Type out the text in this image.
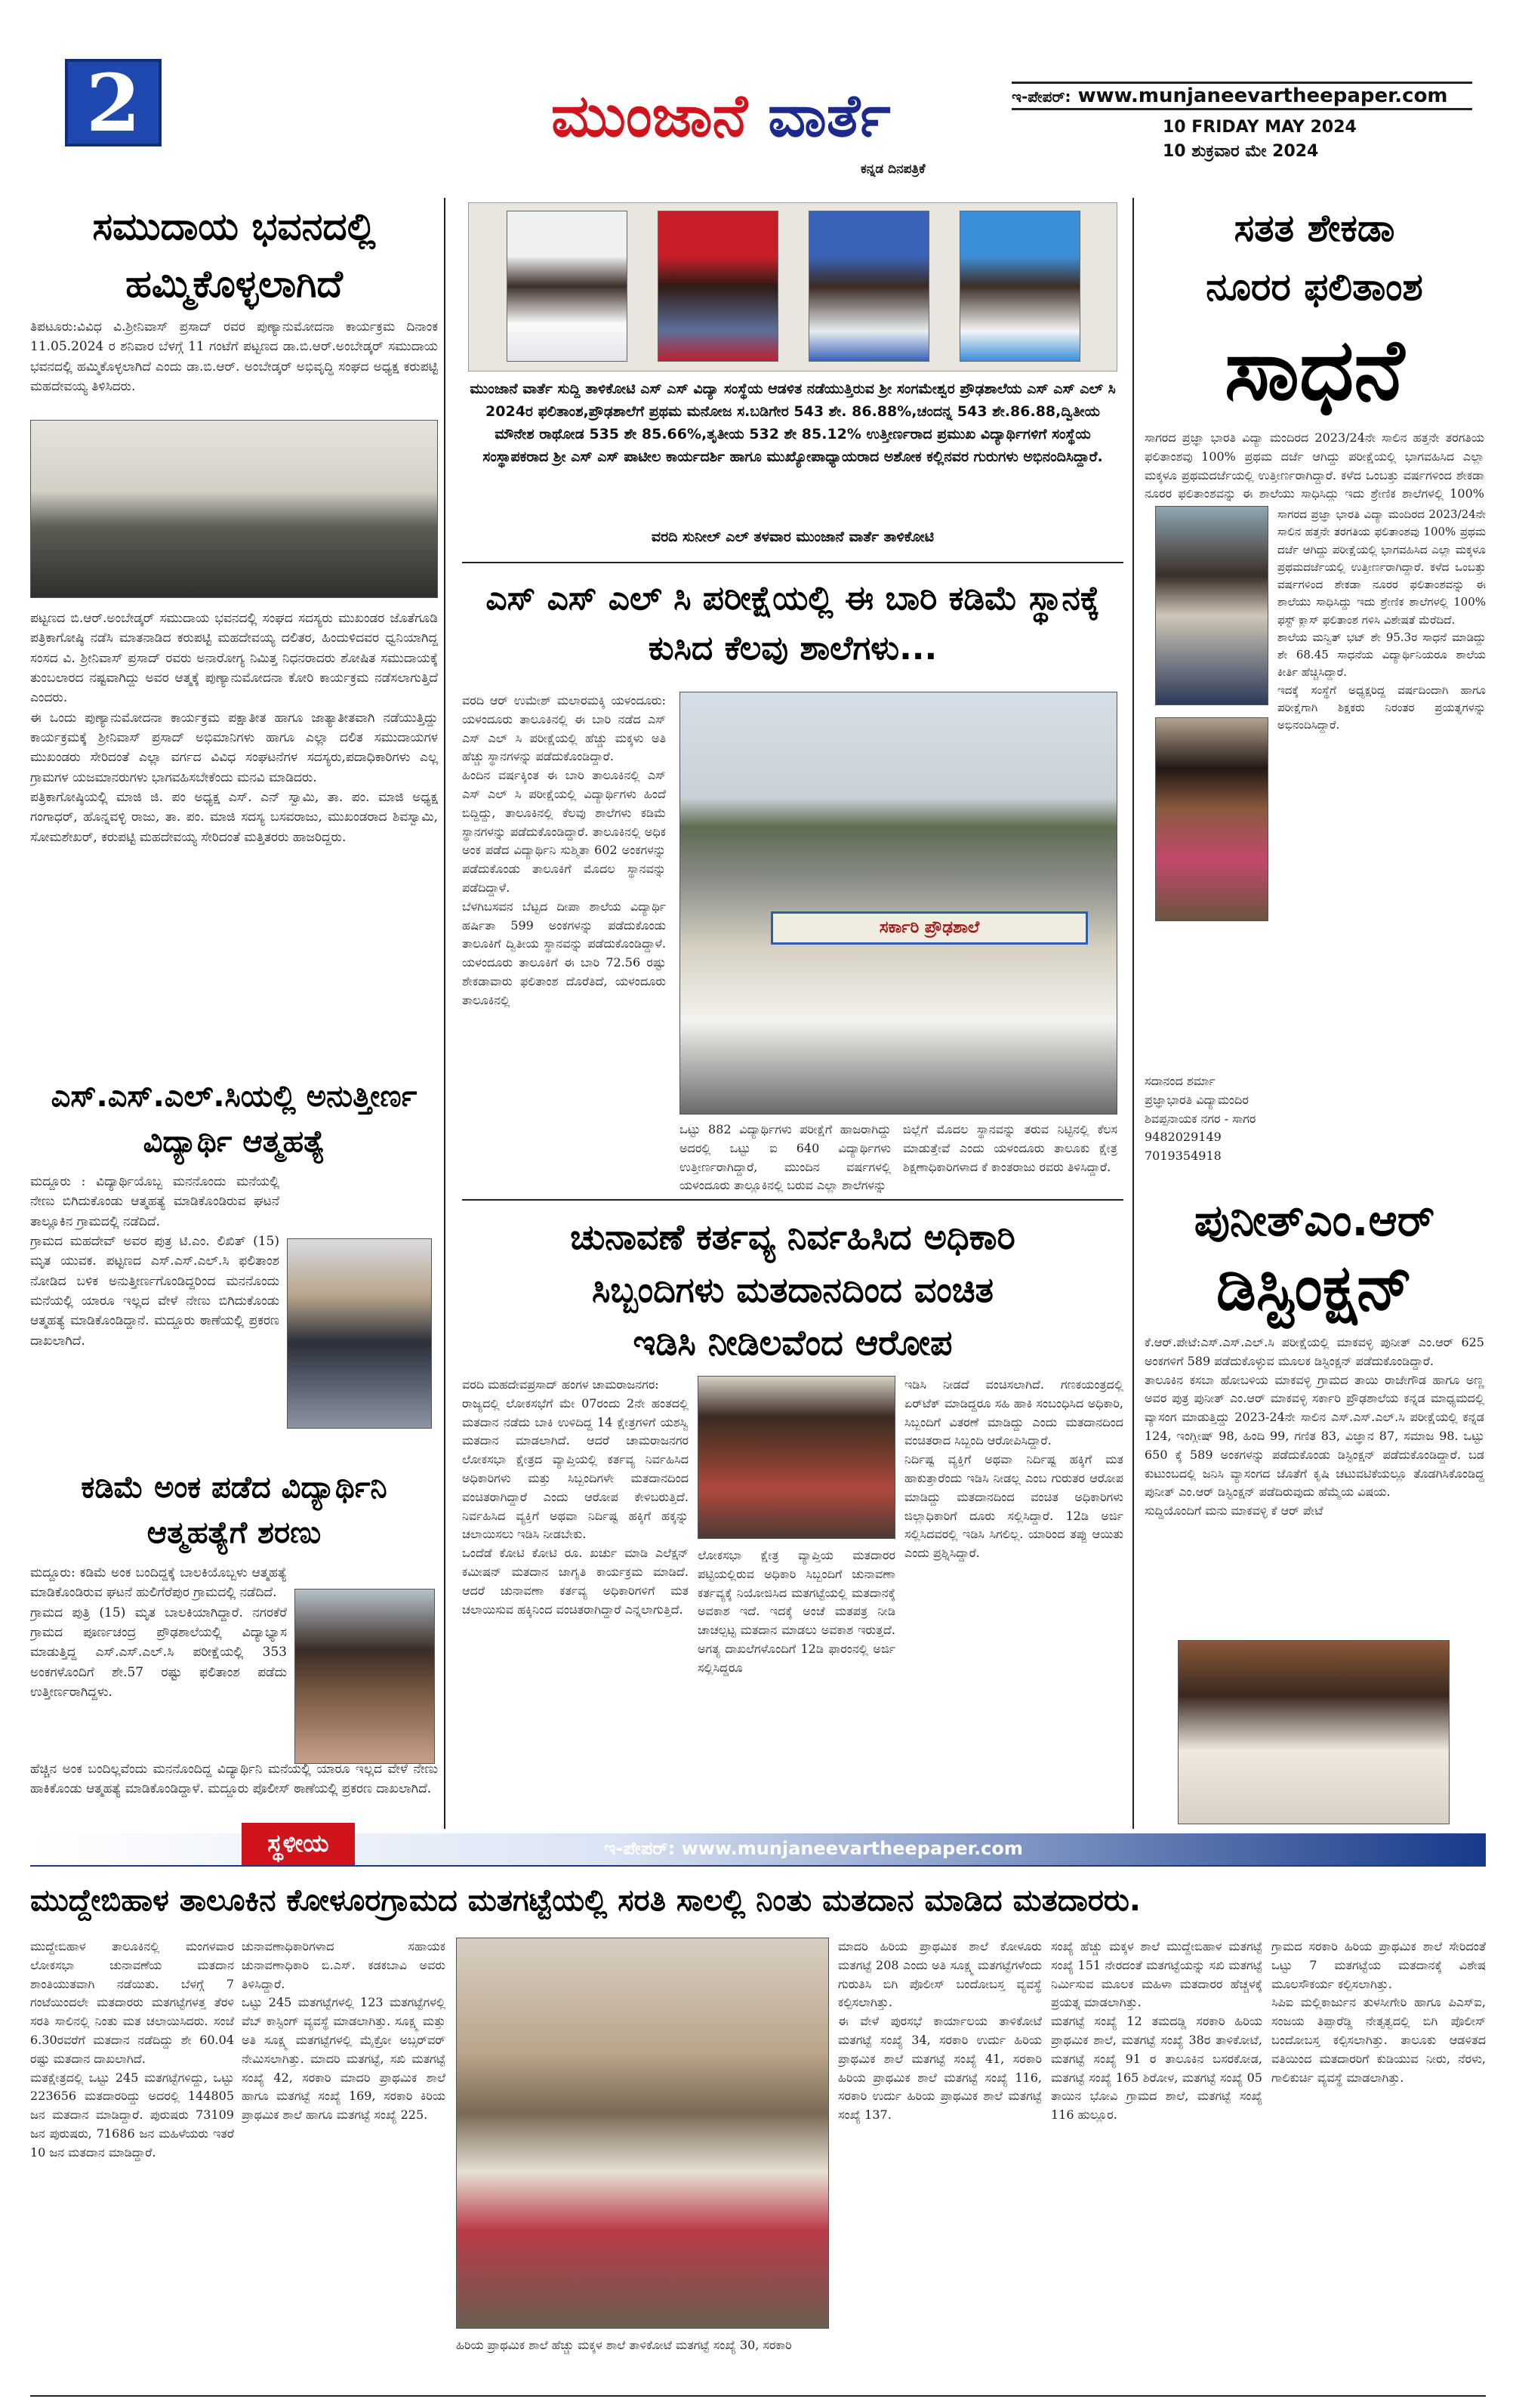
2	ಮುಂಜಾನೆ ವಾರ್ತೆ
ಕನ್ನಡ ದಿನಪತ್ರಿಕೆ
ಇ-ಪೇಪರ್: www.munjaneevartheepaper.com
10 FRIDAY MAY 2024
10 ಶುಕ್ರವಾರ ಮೇ 2024
ಸಮುದಾಯ ಭವನದಲ್ಲಿ ಹಮ್ಮಿಕೊಳ್ಳಲಾಗಿದೆ
ತಿಪಟೂರು:ವಿವಿಧ ವಿ.ಶ್ರೀನಿವಾಸ್ ಪ್ರಸಾದ್ ರವರ ಪುಣ್ಯಾನುಮೋದನಾ ಕಾರ್ಯಕ್ರಮ ದಿನಾಂಕ 11.05.2024 ರ ಶನಿವಾರ ಬೆಳಗ್ಗೆ 11 ಗಂಟೆಗೆ ಪಟ್ಟಣದ ಡಾ.ಬಿ.ಆರ್.ಅಂಬೇಡ್ಕರ್ ಸಮುದಾಯ ಭವನದಲ್ಲಿ ಹಮ್ಮಿಕೊಳ್ಳಲಾಗಿದೆ ಎಂದು ಡಾ.ಬಿ.ಆರ್. ಅಂಬೇಡ್ಕರ್ ಅಭಿವೃದ್ಧಿ ಸಂಘದ ಅಧ್ಯಕ್ಷ ಕರುಪಟ್ಟಿ ಮಹದೇವಯ್ಯ ತಿಳಿಸಿದರು.
ಪಟ್ಟಣದ ಬಿ.ಆರ್.ಅಂಬೇಡ್ಕರ್ ಸಮುದಾಯ ಭವನದಲ್ಲಿ ಸಂಘದ ಸದಸ್ಯರು ಮುಖಂಡರ ಜೊತೆಗೂಡಿ ಪತ್ರಿಕಾಗೋಷ್ಠಿ ನಡೆಸಿ ಮಾತನಾಡಿದ ಕರುಪಟ್ಟಿ ಮಹದೇವಯ್ಯ ದಲಿತರ, ಹಿಂದುಳಿದವರ ಧ್ವನಿಯಾಗಿದ್ದ ಸಂಸದ ವಿ. ಶ್ರೀನಿವಾಸ್ ಪ್ರಸಾದ್ ರವರು ಅನಾರೋಗ್ಯ ನಿಮಿತ್ತ ನಿಧನರಾದರು ಶೋಷಿತ ಸಮುದಾಯಕ್ಕೆ ತುಂಬಲಾರದ ನಷ್ಟವಾಗಿದ್ದು ಅವರ ಆತ್ಮಕ್ಕೆ ಪುಣ್ಯಾನುಮೋದನಾ ಕೋರಿ ಕಾರ್ಯಕ್ರಮ ನಡೆಸಲಾಗುತ್ತಿದೆ ಎಂದರು.
ಈ ಒಂದು ಪುಣ್ಯಾನುಮೋದನಾ ಕಾರ್ಯಕ್ರಮ ಪಕ್ಷಾತೀತ ಹಾಗೂ ಜಾತ್ಯಾತೀತವಾಗಿ ನಡೆಯುತ್ತಿದ್ದು ಕಾರ್ಯಕ್ರಮಕ್ಕೆ ಶ್ರೀನಿವಾಸ್ ಪ್ರಸಾದ್ ಅಭಿಮಾನಿಗಳು ಹಾಗೂ ಎಲ್ಲಾ ದಲಿತ ಸಮುದಾಯಗಳ ಮುಖಂಡರು ಸೇರಿದಂತೆ ಎಲ್ಲಾ ವರ್ಗದ ವಿವಿಧ ಸಂಘಟನೆಗಳ ಸದಸ್ಯರು,ಪದಾಧಿಕಾರಿಗಳು ಎಲ್ಲ ಗ್ರಾಮಗಳ ಯಜಮಾನರುಗಳು ಭಾಗವಹಿಸಬೇಕೆಂದು ಮನವಿ ಮಾಡಿದರು.
ಪತ್ರಿಕಾಗೋಷ್ಠಿಯಲ್ಲಿ ಮಾಜಿ ಜಿ. ಪಂ ಅಧ್ಯಕ್ಷ ಎಸ್. ಎನ್ ಸ್ವಾಮಿ, ತಾ. ಪಂ. ಮಾಜಿ ಅಧ್ಯಕ್ಷ ಗಂಗಾಧರ್, ಹೊನ್ನವಳ್ಳಿ ರಾಜು, ತಾ. ಪಂ. ಮಾಜಿ ಸದಸ್ಯ ಬಸವರಾಜು, ಮುಖಂಡರಾದ ಶಿವಸ್ವಾಮಿ, ಸೋಮಶೇಖರ್, ಕರುಪಟ್ಟಿ ಮಹದೇವಯ್ಯ ಸೇರಿದಂತೆ ಮತ್ತಿತರರು ಹಾಜರಿದ್ದರು.
ಎಸ್.ಎಸ್.ಎಲ್.ಸಿಯಲ್ಲಿ ಅನುತ್ತೀರ್ಣ ವಿದ್ಯಾರ್ಥಿ ಆತ್ಮಹತ್ಯೆ
ಮದ್ದೂರು : ವಿದ್ಯಾರ್ಥಿಯೊಬ್ಬ ಮನನೊಂದು ಮನೆಯಲ್ಲಿ ನೇಣು ಬಿಗಿದುಕೊಂಡು ಆತ್ಮಹತ್ಯೆ ಮಾಡಿಕೊಂಡಿರುವ ಘಟನೆ ತಾಲ್ಲೂಕಿನ ಗ್ರಾಮದಲ್ಲಿ ನಡೆದಿದೆ.
ಗ್ರಾಮದ ಮಹದೇವ್ ಅವರ ಪುತ್ರ ಟಿ.ಎಂ. ಲಿಖಿತ್ (15) ಮೃತ ಯುವಕ. ಪಟ್ಟಣದ ಎಸ್.ಎಸ್.ಎಲ್.ಸಿ ಫಲಿತಾಂಶ ನೋಡಿದ ಬಳಿಕ ಅನುತ್ತೀರ್ಣಗೊಂಡಿದ್ದರಿಂದ ಮನನೊಂದು ಮನೆಯಲ್ಲಿ ಯಾರೂ ಇಲ್ಲದ ವೇಳೆ ನೇಣು ಬಿಗಿದುಕೊಂಡು ಆತ್ಮಹತ್ಯೆ ಮಾಡಿಕೊಂಡಿದ್ದಾನೆ. ಮದ್ದೂರು ಠಾಣೆಯಲ್ಲಿ ಪ್ರಕರಣ ದಾಖಲಾಗಿದೆ.
ಕಡಿಮೆ ಅಂಕ ಪಡೆದ ವಿದ್ಯಾರ್ಥಿನಿ ಆತ್ಮಹತ್ಯೆಗೆ ಶರಣು
ಮದ್ದೂರು: ಕಡಿಮೆ ಅಂಕ ಬಂದಿದ್ದಕ್ಕೆ ಬಾಲಕಿಯೊಬ್ಬಳು ಆತ್ಮಹತ್ಯೆ ಮಾಡಿಕೊಂಡಿರುವ ಘಟನೆ ಹುಲಿಗೆರೆಪುರ ಗ್ರಾಮದಲ್ಲಿ ನಡೆದಿದೆ.
ಗ್ರಾಮದ ಪುತ್ರಿ (15) ಮೃತ ಬಾಲಕಿಯಾಗಿದ್ದಾರೆ. ನಗರಕೆರೆ ಗ್ರಾಮದ ಪೂರ್ಣಚಂದ್ರ ಪ್ರೌಢಶಾಲೆಯಲ್ಲಿ ವಿದ್ಯಾಭ್ಯಾಸ ಮಾಡುತ್ತಿದ್ದ ಎಸ್.ಎಸ್.ಎಲ್.ಸಿ ಪರೀಕ್ಷೆಯಲ್ಲಿ 353 ಅಂಕಗಳೊಂದಿಗೆ ಶೇ.57 ರಷ್ಟು ಫಲಿತಾಂಶ ಪಡೆದು ಉತ್ತೀರ್ಣರಾಗಿದ್ದಳು.
ಹೆಚ್ಚಿನ ಅಂಕ ಬಂದಿಲ್ಲವೆಂದು ಮನನೊಂದಿದ್ದ ವಿದ್ಯಾರ್ಥಿನಿ ಮನೆಯಲ್ಲಿ ಯಾರೂ ಇಲ್ಲದ ವೇಳೆ ನೇಣು ಹಾಕಿಕೊಂಡು ಆತ್ಮಹತ್ಯೆ ಮಾಡಿಕೊಂಡಿದ್ದಾಳೆ. ಮದ್ದೂರು ಪೊಲೀಸ್ ಠಾಣೆಯಲ್ಲಿ ಪ್ರಕರಣ ದಾಖಲಾಗಿದೆ.
ಮುಂಜಾನೆ ವಾರ್ತೆ ಸುದ್ದಿ ತಾಳಿಕೋಟಿ ಎಸ್ ಎಸ್ ವಿದ್ಯಾ ಸಂಸ್ಥೆಯ ಆಡಳಿತ ನಡೆಯುತ್ತಿರುವ ಶ್ರೀ ಸಂಗಮೇಶ್ವರ ಪ್ರೌಢಶಾಲೆಯ ಎಸ್ ಎಸ್ ಎಲ್ ಸಿ 2024ರ ಫಲಿತಾಂಶ,ಪ್ರೌಢಶಾಲೆಗೆ ಪ್ರಥಮ ಮನೋಜ ಸ.ಬಡಿಗೇರ 543 ಶೇ. 86.88%,ಚಂದನ್ನ 543 ಶೇ.86.88,ದ್ವಿತೀಯ ಮೌನೇಶ ರಾಥೋಡ 535 ಶೇ 85.66%,ತೃತೀಯ 532 ಶೇ 85.12% ಉತ್ತೀರ್ಣರಾದ ಪ್ರಮುಖ ವಿದ್ಯಾರ್ಥಿಗಳಿಗೆ ಸಂಸ್ಥೆಯ ಸಂಸ್ಥಾಪಕರಾದ ಶ್ರೀ ಎಸ್ ಎಸ್ ಪಾಟೀಲ ಕಾರ್ಯದರ್ಶಿ ಹಾಗೂ ಮುಖ್ಯೋಪಾಧ್ಯಾಯರಾದ ಅಶೋಕ ಕಲ್ಲಿನವರ ಗುರುಗಳು ಅಭಿನಂದಿಸಿದ್ದಾರೆ.
ವರದಿ ಸುನೀಲ್ ಎಲ್ ತಳವಾರ ಮುಂಜಾನೆ ವಾರ್ತೆ ತಾಳಿಕೋಟಿ
ಎಸ್ ಎಸ್ ಎಲ್ ಸಿ ಪರೀಕ್ಷೆಯಲ್ಲಿ ಈ ಬಾರಿ ಕಡಿಮೆ ಸ್ಥಾನಕ್ಕೆ ಕುಸಿದ ಕೆಲವು ಶಾಲೆಗಳು...
ವರದಿ ಆರ್ ಉಮೇಶ್ ಮಲಾರಮಕ್ಕಿ ಯಳಂದೂರು: ಯಳಂದೂರು ತಾಲೂಕಿನಲ್ಲಿ ಈ ಬಾರಿ ನಡೆದ ಎಸ್ ಎಸ್ ಎಲ್ ಸಿ ಪರೀಕ್ಷೆಯಲ್ಲಿ ಹೆಚ್ಚು ಮಕ್ಕಳು ಅತಿ ಹೆಚ್ಚು ಸ್ಥಾನಗಳನ್ನು ಪಡೆದುಕೊಂಡಿದ್ದಾರೆ.
ಹಿಂದಿನ ವರ್ಷಕ್ಕಿಂತ ಈ ಬಾರಿ ತಾಲೂಕಿನಲ್ಲಿ ಎಸ್ ಎಸ್ ಎಲ್ ಸಿ ಪರೀಕ್ಷೆಯಲ್ಲಿ ವಿದ್ಯಾರ್ಥಿಗಳು ಹಿಂದೆ ಬಿದ್ದಿದ್ದು, ತಾಲೂಕಿನಲ್ಲಿ ಕೆಲವು ಶಾಲೆಗಳು ಕಡಿಮೆ ಸ್ಥಾನಗಳನ್ನು ಪಡೆದುಕೊಂಡಿದ್ದಾರೆ. ತಾಲೂಕಿನಲ್ಲಿ ಅಧಿಕ ಅಂಕ ಪಡೆದ ವಿದ್ಯಾರ್ಥಿನಿ ಸುಶ್ಮಿತಾ 602 ಅಂಕಗಳನ್ನು ಪಡೆದುಕೊಂಡು ತಾಲೂಕಿಗೆ ಮೊದಲ ಸ್ಥಾನವನ್ನು ಪಡೆದಿದ್ದಾಳೆ.
ಬೆಳಗಿಬಸವನ ಬೆಟ್ಟದ ದೀಪಾ ಶಾಲೆಯ ವಿದ್ಯಾರ್ಥಿ ಹರ್ಷಿತಾ 599 ಅಂಕಗಳನ್ನು ಪಡೆದುಕೊಂಡು ತಾಲೂಕಿಗೆ ದ್ವಿತೀಯ ಸ್ಥಾನವನ್ನು ಪಡೆದುಕೊಂಡಿದ್ದಾಳೆ. ಯಳಂದೂರು ತಾಲೂಕಿಗೆ ಈ ಬಾರಿ 72.56 ರಷ್ಟು ಶೇಕಡಾವಾರು ಫಲಿತಾಂಶ ದೊರೆತಿದೆ, ಯಳಂದೂರು ತಾಲೂಕಿನಲ್ಲಿ
ಸರ್ಕಾರಿ ಪ್ರೌಢಶಾಲೆ
ಒಟ್ಟು 882 ವಿದ್ಯಾರ್ಥಿಗಳು ಪರೀಕ್ಷೆಗೆ ಹಾಜರಾಗಿದ್ದು ಅದರಲ್ಲಿ ಒಟ್ಟು ಐ 640 ವಿದ್ಯಾರ್ಥಿಗಳು ಉತ್ತೀರ್ಣರಾಗಿದ್ದಾರೆ, ಮುಂದಿನ ವರ್ಷಗಳಲ್ಲಿ ಯಳಂದೂರು ತಾಲ್ಲೂಕಿನಲ್ಲಿ ಬರುವ ಎಲ್ಲಾ ಶಾಲೆಗಳನ್ನು
ಜಿಲ್ಲೆಗೆ ಮೊದಲ ಸ್ಥಾನವನ್ನು ತರುವ ನಿಟ್ಟಿನಲ್ಲಿ ಕೆಲಸ ಮಾಡುತ್ತೇವೆ ಎಂದು ಯಳಂದೂರು ತಾಲೂಕು ಕ್ಷೇತ್ರ ಶಿಕ್ಷಣಾಧಿಕಾರಿಗಳಾದ ಕೆ ಕಾಂತರಾಜು ರವರು ತಿಳಿಸಿದ್ದಾರೆ.
ಚುನಾವಣೆ ಕರ್ತವ್ಯ ನಿರ್ವಹಿಸಿದ ಅಧಿಕಾರಿ
ಸಿಬ್ಬಂದಿಗಳು ಮತದಾನದಿಂದ ವಂಚಿತ
ಇಡಿಸಿ ನೀಡಿಲವೆಂದ ಆರೋಪ
ವರದಿ ಮಹದೇವಪ್ರಸಾದ್ ಹಂಗಳ ಚಾಮರಾಜನಗರ:
ರಾಜ್ಯದಲ್ಲಿ ಲೋಕಸಭೆಗೆ ಮೇ 07ರಂದು 2ನೇ ಹಂತದಲ್ಲಿ ಮತದಾನ ನಡೆದು ಬಾಕಿ ಉಳಿದಿದ್ದ 14 ಕ್ಷೇತ್ರಗಳಿಗೆ ಯಶಸ್ವಿ ಮತದಾನ ಮಾಡಲಾಗಿದೆ. ಆದರೆ ಚಾಮರಾಜನಗರ ಲೋಕಸಭಾ ಕ್ಷೇತ್ರದ ವ್ಯಾಪ್ತಿಯಲ್ಲಿ ಕರ್ತವ್ಯ ನಿರ್ವಹಿಸಿದ ಅಧಿಕಾರಿಗಳು ಮತ್ತು ಸಿಬ್ಬಂದಿಗಳೇ ಮತದಾನದಿಂದ ವಂಚಿತರಾಗಿದ್ದಾರೆ ಎಂದು ಆರೋಪ ಕೇಳಿಬರುತ್ತಿದೆ. ನಿರ್ವಹಿಸಿದ ವ್ಯಕ್ತಿಗೆ ಅಥವಾ ನಿರ್ದಿಷ್ಟ ಹಕ್ಕಿಗೆ ಹಕ್ಕನ್ನು ಚಲಾಯಿಸಲು ಇಡಿಸಿ ನೀಡಬೇಕು.
ಒಂದೆಡೆ ಕೋಟಿ ಕೋಟಿ ರೂ. ಖರ್ಚು ಮಾಡಿ ಎಲೆಕ್ಷನ್ ಕಮೀಷನ್ ಮತದಾನ ಜಾಗೃತಿ ಕಾರ್ಯಕ್ರಮ ಮಾಡಿದೆ. ಆದರೆ ಚುನಾವಣಾ ಕರ್ತವ್ಯ ಅಧಿಕಾರಿಗಳಿಗೆ ಮತ ಚಲಾಯಿಸುವ ಹಕ್ಕಿನಿಂದ ವಂಚಿತರಾಗಿದ್ದಾರೆ ಎನ್ನಲಾಗುತ್ತಿದೆ.
ಲೋಕಸಭಾ ಕ್ಷೇತ್ರ ವ್ಯಾಪ್ತಿಯ ಮತದಾರರ ಪಟ್ಟಿಯಲ್ಲಿರುವ ಅಧಿಕಾರಿ ಸಿಬ್ಬಂದಿಗೆ ಚುನಾವಣಾ ಕರ್ತವ್ಯಕ್ಕೆ ನಿಯೋಜಿಸಿದ ಮತಗಟ್ಟೆಯಲ್ಲಿ ಮತದಾನಕ್ಕೆ ಅವಕಾಶ ಇದೆ. ಇದಕ್ಕೆ ಅಂಚೆ ಮತಪತ್ರ ನೀಡಿ ಚಾಚಲ್ಪಟ್ಟ ಮತದಾನ ಮಾಡಲು ಅವಕಾಶ ಇರುತ್ತದೆ. ಅಗತ್ಯ ದಾಖಲೆಗಳೊಂದಿಗೆ 12ಡಿ ಫಾರಂನಲ್ಲಿ ಅರ್ಜಿ ಸಲ್ಲಿಸಿದ್ದರೂ
ಇಡಿಸಿ ನೀಡದೆ ವಂಚಿಸಲಾಗಿದೆ. ಗಣಕಯಂತ್ರದಲ್ಲಿ ಏರ್‌ಟೆಕ್ ಮಾಡಿದ್ದರೂ ಸಹಿ ಹಾಕಿ ಸಂಬಂಧಿಸಿದ ಅಧಿಕಾರಿ, ಸಿಬ್ಬಂದಿಗೆ ವಿತರಣೆ ಮಾಡಿದ್ದು ಎಂದು ಮತದಾನದಿಂದ ವಂಚಿತರಾದ ಸಿಬ್ಬಂದಿ ಆರೋಪಿಸಿದ್ದಾರೆ.
ನಿರ್ದಿಷ್ಟ ವ್ಯಕ್ತಿಗೆ ಅಥವಾ ನಿರ್ದಿಷ್ಟ ಹಕ್ಕಿಗೆ ಮತ ಹಾಕುತ್ತಾರೆಂದು ಇಡಿಸಿ ನೀಡಲ್ಲ ಎಂಬ ಗುರುತರ ಆರೋಪ ಮಾಡಿದ್ದು ಮತದಾನದಿಂದ ವಂಚಿತ ಅಧಿಕಾರಿಗಳು ಜಿಲ್ಲಾಧಿಕಾರಿಗೆ ದೂರು ಸಲ್ಲಿಸಿದ್ದಾರೆ. 12ಡಿ ಅರ್ಜಿ ಸಲ್ಲಿಸಿದವರಲ್ಲಿ ಇಡಿಸಿ ಸಿಗಲಿಲ್ಲ. ಯಾರಿಂದ ತಪ್ಪು ಆಯಿತು ಎಂದು ಪ್ರಶ್ನಿಸಿದ್ದಾರೆ.
ಸತತ ಶೇಕಡಾ
ನೂರರ ಫಲಿತಾಂಶ
ಸಾಧನೆ
ಸಾಗರದ ಪ್ರಜ್ಞಾ ಭಾರತಿ ವಿದ್ಯಾ ಮಂದಿರದ 2023/24ನೇ ಸಾಲಿನ ಹತ್ತನೇ ತರಗತಿಯ ಫಲಿತಾಂಶವು 100% ಪ್ರಥಮ ದರ್ಜೆ ಆಗಿದ್ದು ಪರೀಕ್ಷೆಯಲ್ಲಿ ಭಾಗವಹಿಸಿದ ಎಲ್ಲಾ ಮಕ್ಕಳೂ ಪ್ರಥಮದರ್ಜೆಯಲ್ಲಿ ಉತ್ತೀರ್ಣರಾಗಿದ್ದಾರೆ. ಕಳೆದ ಒಂಬತ್ತು ವರ್ಷಗಳಿಂದ ಶೇಕಡಾ ನೂರರ ಫಲಿತಾಂಶವನ್ನು ಈ ಶಾಲೆಯು ಸಾಧಿಸಿದ್ದು ಇದು ಶ್ರೇಣಿಕ ಶಾಲೆಗಳಲ್ಲಿ 100%

ಸಾಗರದ ಪ್ರಜ್ಞಾ ಭಾರತಿ ವಿದ್ಯಾ ಮಂದಿರದ 2023/24ನೇ ಸಾಲಿನ ಹತ್ತನೇ ತರಗತಿಯ ಫಲಿತಾಂಶವು 100% ಪ್ರಥಮ ದರ್ಜೆ ಆಗಿದ್ದು ಪರೀಕ್ಷೆಯಲ್ಲಿ ಭಾಗವಹಿಸಿದ ಎಲ್ಲಾ ಮಕ್ಕಳೂ ಪ್ರಥಮದರ್ಜೆಯಲ್ಲಿ ಉತ್ತೀರ್ಣರಾಗಿದ್ದಾರೆ. ಕಳೆದ ಒಂಬತ್ತು ವರ್ಷಗಳಿಂದ ಶೇಕಡಾ ನೂರರ ಫಲಿತಾಂಶವನ್ನು ಈ ಶಾಲೆಯು ಸಾಧಿಸಿದ್ದು ಇದು ಶ್ರೇಣಿಕ ಶಾಲೆಗಳಲ್ಲಿ 100% ಫಸ್ಟ್ ಕ್ಲಾಸ್ ಫಲಿತಾಂಶ ಗಳಿಸಿ ವಿಶೇಷತೆ ಮೆರೆದಿದೆ.
ಶಾಲೆಯ ಮನ್ವಿತ್ ಭಟ್ ಶೇ 95.3ರ ಸಾಧನೆ ಮಾಡಿದ್ದು ಶೇ 68.45 ಸಾಧನೆಯ ವಿದ್ಯಾರ್ಥಿನಿಯರೂ ಶಾಲೆಯ ಕೀರ್ತಿ ಹೆಚ್ಚಿಸಿದ್ದಾರೆ.
ಇದಕ್ಕೆ ಸಂಸ್ಥೆಗೆ ಅಧ್ಯಕ್ಷರಿದ್ದ ವರ್ಷದಿಂದಾಗಿ ಹಾಗೂ ಪರೀಕ್ಷೆಗಾಗಿ ಶಿಕ್ಷಕರು ನಿರಂತರ ಪ್ರಯತ್ನಗಳನ್ನು ಅಭಿನಂದಿಸಿದ್ದಾರೆ.
ಸದಾನಂದ ಶರ್ಮಾ
ಪ್ರಜ್ಞಾಭಾರತಿ ವಿದ್ಯಾಮಂದಿರ
ಶಿವಪ್ಪನಾಯಕ ನಗರ - ಸಾಗರ
9482029149
7019354918
ಪುನೀತ್ಎಂ.ಆರ್
ಡಿಸ್ಟಿಂಕ್ಷನ್
ಕೆ.ಆರ್.ಪೇಟೆ:ಎಸ್.ಎಸ್.ಎಲ್.ಸಿ ಪರೀಕ್ಷೆಯಲ್ಲಿ ಮಾಕವಳ್ಳಿ ಪುನೀತ್ ಎಂ.ಆರ್ 625 ಅಂಕಗಳಿಗೆ 589 ಪಡೆದುಕೊಳ್ಳುವ ಮೂಲಕ ಡಿಸ್ಟಿಂಕ್ಷನ್ ಪಡೆದುಕೊಂಡಿದ್ದಾರೆ.
ತಾಲೂಕಿನ ಕಸಬಾ ಹೋಬಳಿಯ ಮಾಕವಳ್ಳಿ ಗ್ರಾಮದ ತಾಯಿ ರಾಜೇಗೌಡ ಹಾಗೂ ಅಣ್ಣ ಅವರ ಪುತ್ರ ಪುನೀತ್ ಎಂ.ಆರ್ ಮಾಕವಳ್ಳಿ ಸರ್ಕಾರಿ ಪ್ರೌಢಶಾಲೆಯ ಕನ್ನಡ ಮಾಧ್ಯಮದಲ್ಲಿ ವ್ಯಾಸಂಗ ಮಾಡುತ್ತಿದ್ದು 2023-24ನೇ ಸಾಲಿನ ಎಸ್.ಎಸ್.ಎಲ್.ಸಿ ಪರೀಕ್ಷೆಯಲ್ಲಿ ಕನ್ನಡ 124, ಇಂಗ್ಲೀಷ್ 98, ಹಿಂದಿ 99, ಗಣಿತ 83, ವಿಜ್ಞಾನ 87, ಸಮಾಜ 98. ಒಟ್ಟು 650 ಕ್ಕೆ 589 ಅಂಕಗಳನ್ನು ಪಡೆದುಕೊಂಡು ಡಿಸ್ಟಿಂಕ್ಷನ್ ಪಡೆದುಕೊಂಡಿದ್ದಾರೆ. ಬಡ ಕುಟುಂಬದಲ್ಲಿ ಜನಿಸಿ ವ್ಯಾಸಂಗದ ಜೊತೆಗೆ ಕೃಷಿ ಚಟುವಟಿಕೆಯಲ್ಲೂ ತೊಡಗಿಸಿಕೊಂಡಿದ್ದ ಪುನೀತ್ ಎಂ.ಆರ್ ಡಿಸ್ಟಿಂಕ್ಷನ್ ಪಡೆದಿರುವುದು ಹೆಮ್ಮೆಯ ವಿಷಯ.
ಸುದ್ದಿಯೊಂದಿಗೆ ಮನು ಮಾಕವಳ್ಳಿ ಕೆ ಆರ್ ಪೇಟೆ
ಸ್ಥಳೀಯ	ಇ-ಪೇಪರ್: www.munjaneevartheepaper.com
ಮುದ್ದೇಬಿಹಾಳ ತಾಲೂಕಿನ ಕೋಳೂರಗ್ರಾಮದ ಮತಗಟ್ಟೆಯಲ್ಲಿ ಸರತಿ ಸಾಲಲ್ಲಿ ನಿಂತು ಮತದಾನ ಮಾಡಿದ ಮತದಾರರು.
ಮುದ್ದೇಬಿಹಾಳ ತಾಲೂಕಿನಲ್ಲಿ ಮಂಗಳವಾರ ಲೋಕಸಭಾ ಚುನಾವಣೆಯ ಮತದಾನ ಶಾಂತಿಯುತವಾಗಿ ನಡೆಯಿತು. ಬೆಳಗ್ಗೆ 7 ಗಂಟೆಯಿಂದಲೇ ಮತದಾರರು ಮತಗಟ್ಟೆಗಳತ್ತ ತೆರಳಿ ಸರತಿ ಸಾಲಿನಲ್ಲಿ ನಿಂತು ಮತ ಚಲಾಯಿಸಿದರು. ಸಂಜೆ 6.30ರವರೆಗೆ ಮತದಾನ ನಡೆದಿದ್ದು ಶೇ 60.04 ರಷ್ಟು ಮತದಾನ ದಾಖಲಾಗಿದೆ.
ಮತಕ್ಷೇತ್ರದಲ್ಲಿ ಒಟ್ಟು 245 ಮತಗಟ್ಟೆಗಳಿದ್ದು, ಒಟ್ಟು 223656 ಮತದಾರರಿದ್ದು ಅದರಲ್ಲಿ 144805 ಜನ ಮತದಾನ ಮಾಡಿದ್ದಾರೆ. ಪುರುಷರು 73109 ಜನ ಪುರುಷರು, 71686 ಜನ ಮಹಿಳೆಯರು ಇತರೆ 10 ಜನ ಮತದಾನ ಮಾಡಿದ್ದಾರೆ.
ಚುನಾವಣಾಧಿಕಾರಿಗಳಾದ ಸಹಾಯಕ ಚುನಾವಣಾಧಿಕಾರಿ ಬಿ.ಎಸ್. ಕಡಕಬಾವಿ ಅವರು ತಿಳಿಸಿದ್ದಾರೆ.
ಒಟ್ಟು 245 ಮತಗಟ್ಟೆಗಳಲ್ಲಿ 123 ಮತಗಟ್ಟೆಗಳಲ್ಲಿ ವೆಬ್ ಕಾಸ್ಟಿಂಗ್ ವ್ಯವಸ್ಥೆ ಮಾಡಲಾಗಿತ್ತು. ಸೂಕ್ಷ್ಮ ಮತ್ತು ಅತಿ ಸೂಕ್ಷ್ಮ ಮತಗಟ್ಟೆಗಳಲ್ಲಿ ಮೈಕ್ರೋ ಅಬ್ಸರ್‌ವರ್‌ ನೇಮಿಸಲಾಗಿತ್ತು. ಮಾದರಿ ಮತಗಟ್ಟೆ, ಸಖಿ ಮತಗಟ್ಟೆ ಸಂಖ್ಯೆ 42, ಸರಕಾರಿ ಮಾದರಿ ಪ್ರಾಥಮಿಕ ಶಾಲೆ ಹಾಗೂ ಮತಗಟ್ಟೆ ಸಂಖ್ಯೆ 169, ಸರಕಾರಿ ಕಿರಿಯ ಪ್ರಾಥಮಿಕ ಶಾಲೆ ಹಾಗೂ ಮತಗಟ್ಟೆ ಸಂಖ್ಯೆ 225.
ಹಿರಿಯ ಪ್ರಾಥಮಿಕ ಶಾಲೆ ಹೆಚ್ಚು ಮಕ್ಕಳ ಶಾಲೆ ತಾಳಿಕೋಟೆ ಮತಗಟ್ಟೆ ಸಂಖ್ಯೆ 30, ಸರಕಾರಿ
ಮಾದರಿ ಹಿರಿಯ ಪ್ರಾಥಮಿಕ ಶಾಲೆ ಕೋಳೂರು ಮತಗಟ್ಟೆ 208 ಎಂದು ಅತಿ ಸೂಕ್ಷ್ಮ ಮತಗಟ್ಟೆಗಳೆಂದು ಗುರುತಿಸಿ ಬಿಗಿ ಪೊಲೀಸ್ ಬಂದೋಬಸ್ತ ವ್ಯವಸ್ಥೆ ಕಲ್ಪಿಸಲಾಗಿತ್ತು.
ಈ ವೇಳೆ ಪುರಸಭೆ ಕಾರ್ಯಾಲಯ ತಾಳಿಕೋಟೆ ಮತಗಟ್ಟೆ ಸಂಖ್ಯೆ 34, ಸರಕಾರಿ ಉರ್ದು ಹಿರಿಯ ಪ್ರಾಥಮಿಕ ಶಾಲೆ ಮತಗಟ್ಟೆ ಸಂಖ್ಯೆ 41, ಸರಕಾರಿ ಹಿರಿಯ ಪ್ರಾಥಮಿಕ ಶಾಲೆ ಮತಗಟ್ಟೆ ಸಂಖ್ಯೆ 116, ಸರಕಾರಿ ಉರ್ದು ಹಿರಿಯ ಪ್ರಾಥಮಿಕ ಶಾಲೆ ಮತಗಟ್ಟೆ ಸಂಖ್ಯೆ 137.
ಸಂಖ್ಯೆ ಹೆಚ್ಚು ಮಕ್ಕಳ ಶಾಲೆ ಮುದ್ದೇಬಿಹಾಳ ಮತಗಟ್ಟೆ ಸಂಖ್ಯೆ 151 ನೇರದಂತೆ ಮತಗಟ್ಟೆಯನ್ನು ಸಖಿ ಮತಗಟ್ಟೆ ನಿರ್ಮಿಸುವ ಮೂಲಕ ಮಹಿಳಾ ಮತದಾರರ ಹೆಚ್ಚಳಕ್ಕೆ ಪ್ರಯತ್ನ ಮಾಡಲಾಗಿತ್ತು.
ಮತಗಟ್ಟೆ ಸಂಖ್ಯೆ 12 ತಮದಡ್ಡಿ ಸರಕಾರಿ ಹಿರಿಯ ಪ್ರಾಥಮಿಕ ಶಾಲೆ, ಮತಗಟ್ಟೆ ಸಂಖ್ಯೆ 38ರ ತಾಳಿಕೋಟೆ, ಮತಗಟ್ಟೆ ಸಂಖ್ಯೆ 91 ರ ತಾಲೂಕಿನ ಬಸರಕೋಡ, ಮತಗಟ್ಟೆ ಸಂಖ್ಯೆ 165 ಶಿರೋಳ, ಮತಗಟ್ಟೆ ಸಂಖ್ಯೆ 05 ತಾಯಿನ ಭೋವಿ ಗ್ರಾಮದ ಶಾಲೆ, ಮತಗಟ್ಟೆ ಸಂಖ್ಯೆ 116 ಹುಲ್ಲೂರ.
ಗ್ರಾಮದ ಸರಕಾರಿ ಹಿರಿಯ ಪ್ರಾಥಮಿಕ ಶಾಲೆ ಸೇರಿದಂತೆ ಒಟ್ಟು 7 ಮತಗಟ್ಟೆಯ ಮತದಾನಕ್ಕೆ ವಿಶೇಷ ಮೂಲಸೌಕರ್ಯ ಕಲ್ಪಿಸಲಾಗಿತ್ತು.
ಸಿಪಿಐ ಮಲ್ಲಿಕಾರ್ಜುನ ತುಳಸೀಗೇರಿ ಹಾಗೂ ಪಿಎಸ್‌ಐ, ಸಂಜಯ ತಿಪ್ಪಾರೆಡ್ಡಿ ನೇತೃತ್ವದಲ್ಲಿ ಬಿಗಿ ಪೊಲೀಸ್ ಬಂದೋಬಸ್ತ ಕಲ್ಪಿಸಲಾಗಿತ್ತು. ತಾಲೂಕು ಆಡಳಿತದ ವತಿಯಿಂದ ಮತದಾರರಿಗೆ ಕುಡಿಯುವ ನೀರು, ನೆರಳು, ಗಾಲಿಕುರ್ಚಿ ವ್ಯವಸ್ಥೆ ಮಾಡಲಾಗಿತ್ತು.
